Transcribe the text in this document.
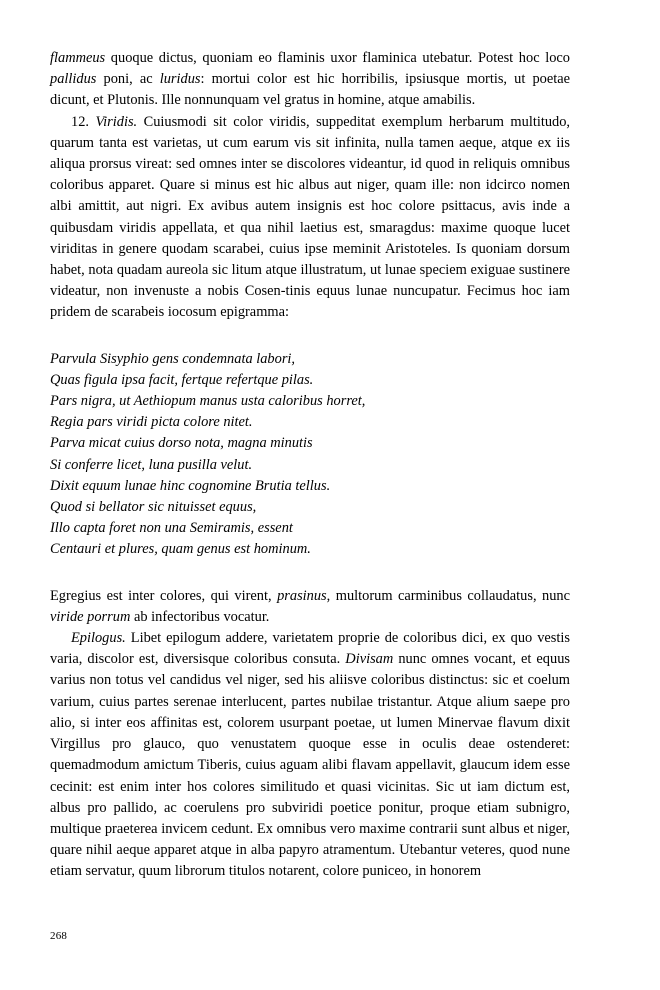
flammeus quoque dictus, quoniam eo flaminis uxor flaminica utebatur. Potest hoc loco pallidus poni, ac luridus: mortui color est hic horribilis, ipsiusque mortis, ut poetae dicunt, et Plutonis. Ille nonnunquam vel gratus in homine, atque amabilis.

12. Viridis. Cuiusmodi sit color viridis, suppeditat exemplum herbarum multitudo, quarum tanta est varietas, ut cum earum vis sit infinita, nulla tamen aeque, atque ex iis aliqua prorsus vireat: sed omnes inter se discolores videantur, id quod in reliquis omnibus coloribus apparet. Quare si minus est hic albus aut niger, quam ille: non idcirco nomen albi amittit, aut nigri. Ex avibus autem insignis est hoc colore psittacus, avis inde a quibusdam viridis appellata, et qua nihil laetius est, smaragdus: maxime quoque lucet viriditas in genere quodam scarabei, cuius ipse meminit Aristoteles. Is quoniam dorsum habet, nota quadam aureola sic litum atque illustratum, ut lunae speciem exiguae sustinere videatur, non invenuste a nobis Cosen-tinis equus lunae nuncupatur. Fecimus hoc iam pridem de scarabeis iocosum epigramma:

Parvula Sisyphio gens condemnata labori,
Quas figula ipsa facit, fertque refertque pilas.
Pars nigra, ut Aethiopum manus usta caloribus horret,
Regia pars viridi picta colore nitet.
Parva micat cuius dorso nota, magna minutis
Si conferre licet, luna pusilla velut.
Dixit equum lunae hinc cognomine Brutia tellus.
Quod si bellator sic nituisset equus,
Illo capta foret non una Semiramis, essent
Centauri et plures, quam genus est hominum.

Egregius est inter colores, qui virent, prasinus, multorum carminibus collaudatus, nunc viride porrum ab infectoribus vocatur.

Epilogus. Libet epilogum addere, varietatem proprie de coloribus dici, ex quo vestis varia, discolor est, diversisque coloribus consuta. Divisam nunc omnes vocant, et equus varius non totus vel candidus vel niger, sed his aliisve coloribus distinctus: sic et coelum varium, cuius partes serenae interlucent, partes nubilae tristantur. Atque alium saepe pro alio, si inter eos affinitas est, colorem usurpant poetae, ut lumen Minervae flavum dixit Virgillus pro glauco, quo venustatem quoque esse in oculis deae ostenderet: quemadmodum amictum Tiberis, cuius aguam alibi flavam appellavit, glaucum idem esse cecinit: est enim inter hos colores similitudo et quasi vicinitas. Sic ut iam dictum est, albus pro pallido, ac coerulens pro subviridi poetice ponitur, proque etiam subnigro, multique praeterea invicem cedunt. Ex omnibus vero maxime contrarii sunt albus et niger, quare nihil aeque apparet atque in alba papyro atramentum. Utebantur veteres, quod nune etiam servatur, quum librorum titulos notarent, colore puniceo, in honorem

268
